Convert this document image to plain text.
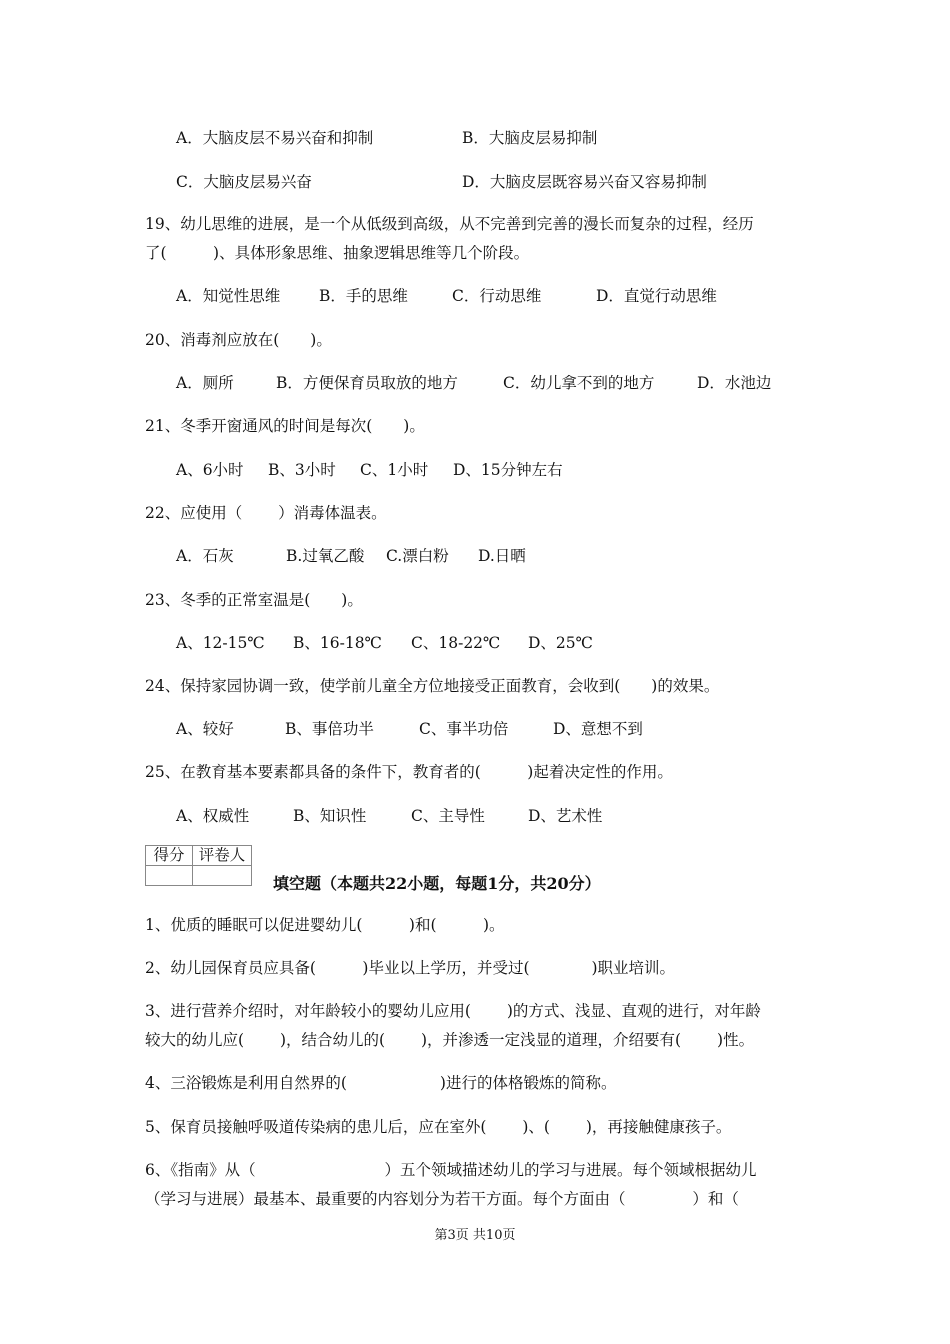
A．大脑皮层不易兴奋和抑制	B．大脑皮层易抑制
C．大脑皮层易兴奋	D．大脑皮层既容易兴奋又容易抑制
19、幼儿思维的进展，是一个从低级到高级，从不完善到完善的漫长而复杂的过程，经历
了(　　　)、具体形象思维、抽象逻辑思维等几个阶段。
A．知觉性思维	B．手的思维	C．行动思维	D．直觉行动思维
20、消毒剂应放在(　　)。
A．厕所	B．方便保育员取放的地方	C．幼儿拿不到的地方	D．水池边
21、冬季开窗通风的时间是每次(　　)。
A、6小时 B、3小时 C、1小时 D、15分钟左右
22、应使用（　　 ）消毒体温表。
A．石灰	B.过氧乙酸 C.漂白粉 D.日晒
23、冬季的正常室温是(　　)。
A、12-15℃ B、16-18℃ C、18-22℃ D、25℃
24、保持家园协调一致，使学前儿童全方位地接受正面教育，会收到(　　)的效果。
A、较好	B、事倍功半	C、事半功倍	D、意想不到
25、在教育基本要素都具备的条件下，教育者的(　　　)起着决定性的作用。
A、权威性	B、知识性	C、主导性	D、艺术性
得分	评卷人

填空题（本题共22小题，每题1分，共20分）
1、优质的睡眠可以促进婴幼儿(　　　)和(　　　)。
2、幼儿园保育员应具备(　　　)毕业以上学历，并受过(　　　　)职业培训。
3、进行营养介绍时，对年龄较小的婴幼儿应用(　　 )的方式、浅显、直观的进行，对年龄
较大的幼儿应(　　 )，结合幼儿的(　　 )，并渗透一定浅显的道理，介绍要有(　　 )性。
4、三浴锻炼是利用自然界的(　　　　　　)进行的体格锻炼的简称。
5、保育员接触呼吸道传染病的患儿后，应在室外(　　 )、(　　 )，再接触健康孩子。
6、《指南》从（　　　　　　　　 ）五个领域描述幼儿的学习与进展。每个领域根据幼儿
（学习与进展）最基本、最重要的内容划分为若干方面。每个方面由（　　　　 ）和（
第3页 共10页
